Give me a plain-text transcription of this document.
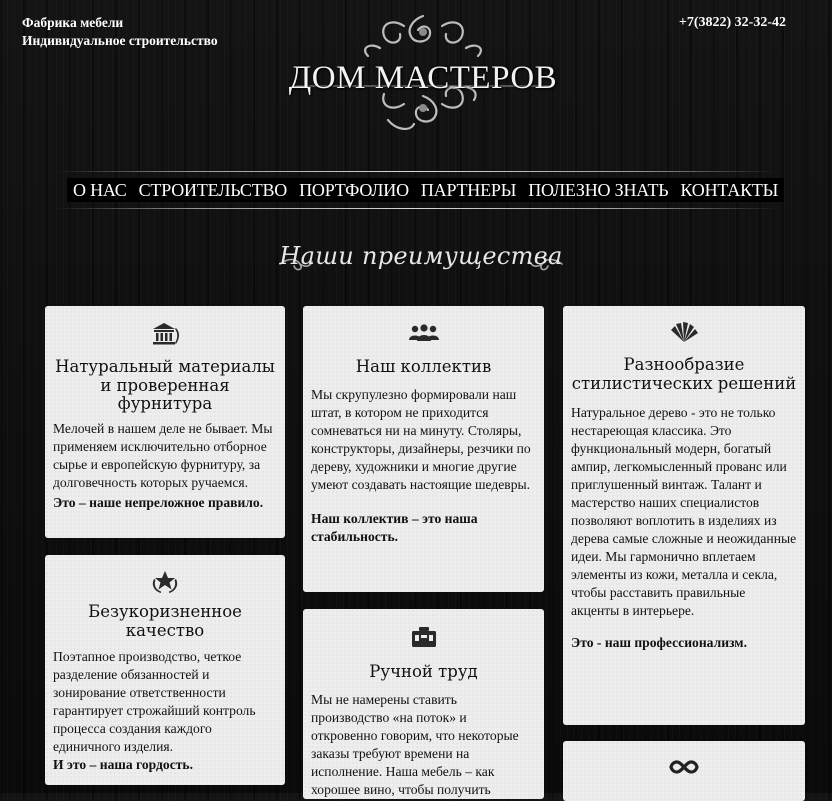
Фабрика мебели
Индивидуальное строительство
+7(3822) 32-32-42
ДОМ МАСТЕРОВ
О НАС СТРОИТЕЛЬСТВО ПОРТФОЛИО ПАРТНЕРЫ ПОЛЕЗНО ЗНАТЬ КОНТАКТЫ
Наши преимущества
Натуральный материалы и проверенная фурнитура

Мелочей в нашем деле не бывает. Мы применяем исключительно отборное сырье и европейскую фурнитуру, за долговечность которых ручаемся.

Это – наше непреложное правило.

Наш коллектив

Мы скрупулезно формировали наш штат, в котором не приходится сомневаться ни на минуту. Столяры, конструкторы, дизайнеры, резчики по дереву, художники и многие другие умеют создавать настоящие шедевры.

Наш коллектив – это наша стабильность.

Разнообразие стилистических решений

Натуральное дерево - это не только нестареющая классика. Это функциональный модерн, богатый ампир, легкомысленный прованс или приглушенный винтаж. Талант и мастерство наших специалистов позволяют воплотить в изделиях из дерева самые сложные и неожиданные идеи. Мы гармонично вплетаем элементы из кожи, металла и секла, чтобы расставить правильные акценты в интерьере.

Это - наш профессионализм.

Безукоризненное качество

Поэтапное производство, четкое разделение обязанностей и зонирование ответственности гарантирует строжайший контроль процесса создания каждого единичного изделия.

И это – наша гордость.

Ручной труд

Мы не намерены ставить производство «на поток» и откровенно говорим, что некоторые заказы требуют времени на исполнение. Наша мебель – как хорошее вино, чтобы получить
